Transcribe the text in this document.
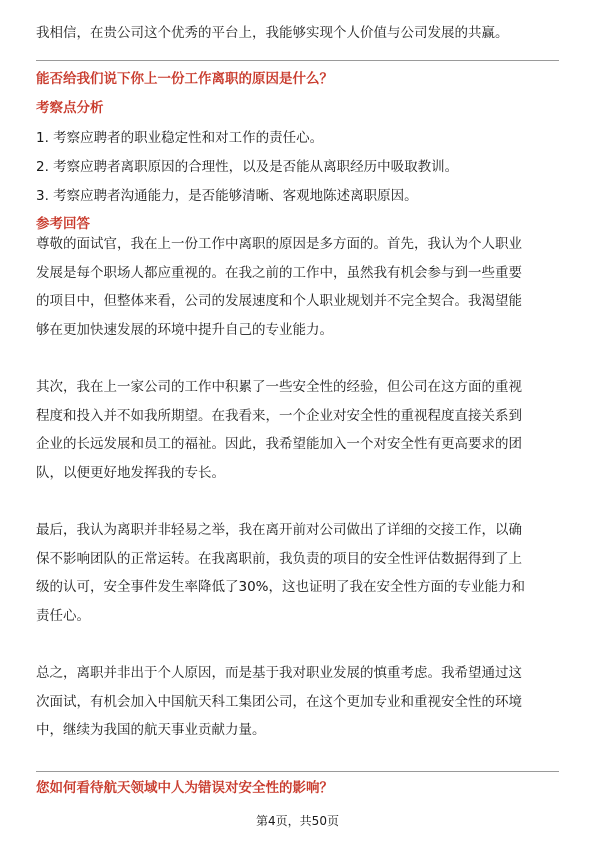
我相信，在贵公司这个优秀的平台上，我能够实现个人价值与公司发展的共赢。

能否给我们说下你上一份工作离职的原因是什么？
考察点分析

1. 考察应聘者的职业稳定性和对工作的责任心。

2. 考察应聘者离职原因的合理性，以及是否能从离职经历中吸取教训。

3. 考察应聘者沟通能力，是否能够清晰、客观地陈述离职原因。

参考回答

尊敬的面试官，我在上一份工作中离职的原因是多方面的。首先，我认为个人职业

发展是每个职场人都应重视的。在我之前的工作中，虽然我有机会参与到一些重要

的项目中，但整体来看，公司的发展速度和个人职业规划并不完全契合。我渴望能

够在更加快速发展的环境中提升自己的专业能力。

其次，我在上一家公司的工作中积累了一些安全性的经验，但公司在这方面的重视

程度和投入并不如我所期望。在我看来，一个企业对安全性的重视程度直接关系到

企业的长远发展和员工的福祉。因此，我希望能加入一个对安全性有更高要求的团

队，以便更好地发挥我的专长。

最后，我认为离职并非轻易之举，我在离开前对公司做出了详细的交接工作，以确

保不影响团队的正常运转。在我离职前，我负责的项目的安全性评估数据得到了上

级的认可，安全事件发生率降低了30%，这也证明了我在安全性方面的专业能力和

责任心。

总之，离职并非出于个人原因，而是基于我对职业发展的慎重考虑。我希望通过这

次面试，有机会加入中国航天科工集团公司，在这个更加专业和重视安全性的环境

中，继续为我国的航天事业贡献力量。

您如何看待航天领域中人为错误对安全性的影响？
第4页，共50页
